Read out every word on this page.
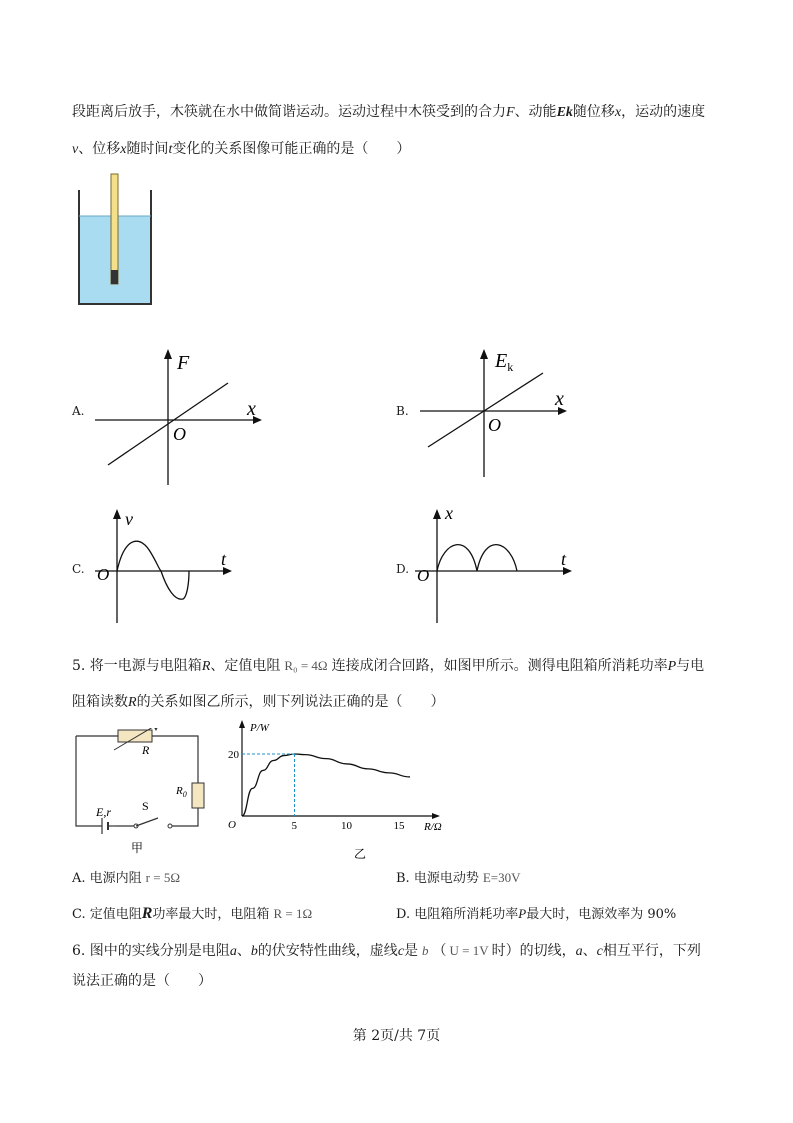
段距离后放手，木筷就在水中做简谐运动。运动过程中木筷受到的合力F、动能Ek随位移x，运动的速度
v、位移x随时间t变化的关系图像可能正确的是（　　）
A.
F
x
O
B.
$E_k$
x
O
C.
v
t
O	D.
x
t
O
5. 将一电源与电阻箱R、定值电阻 R₀ = 4Ω 连接成闭合回路，如图甲所示。测得电阻箱所消耗功率P与电
阻箱读数R的关系如图乙所示，则下列说法正确的是（　　）
R
$R_0$
E,r	S
甲
O
P/W
R/Ω
5	10	15
20
乙
A. 电源内阻 r = 5Ω	B. 电源电动势 E=30V
C. 定值电阻R功率最大时，电阻箱 R = 1Ω	D. 电阻箱所消耗功率P最大时，电源效率为 90%
6. 图中的实线分别是电阻a、b的伏安特性曲线，虚线c是 b （ U = 1V 时）的切线，a、c相互平行，下列
说法正确的是（　　）
第 2页/共 7页
